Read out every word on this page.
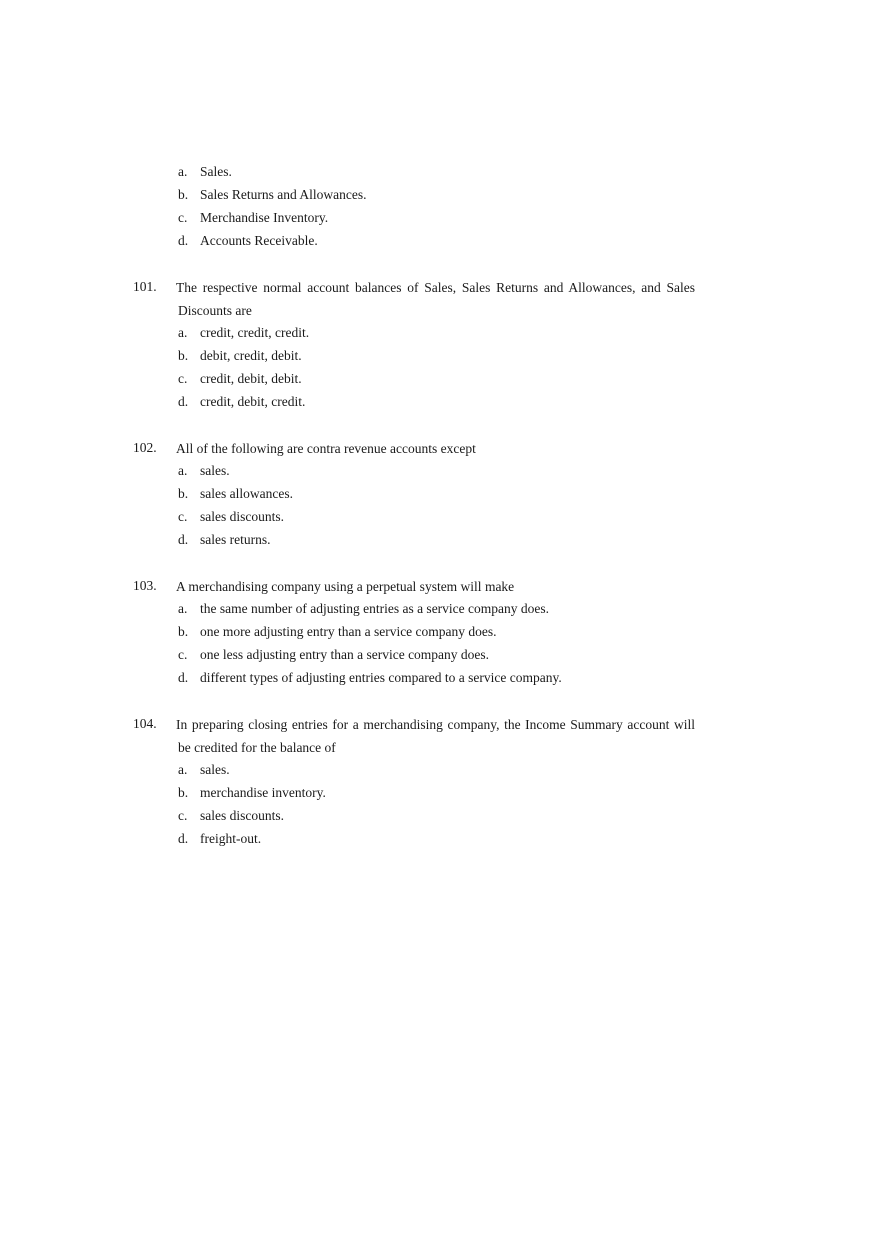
a. Sales.
b. Sales Returns and Allowances.
c. Merchandise Inventory.
d. Accounts Receivable.
101. The respective normal account balances of Sales, Sales Returns and Allowances, and Sales Discounts are
a. credit, credit, credit.
b. debit, credit, debit.
c. credit, debit, debit.
d. credit, debit, credit.
102. All of the following are contra revenue accounts except
a. sales.
b. sales allowances.
c. sales discounts.
d. sales returns.
103. A merchandising company using a perpetual system will make
a. the same number of adjusting entries as a service company does.
b. one more adjusting entry than a service company does.
c. one less adjusting entry than a service company does.
d. different types of adjusting entries compared to a service company.
104. In preparing closing entries for a merchandising company, the Income Summary account will be credited for the balance of
a. sales.
b. merchandise inventory.
c. sales discounts.
d. freight-out.
